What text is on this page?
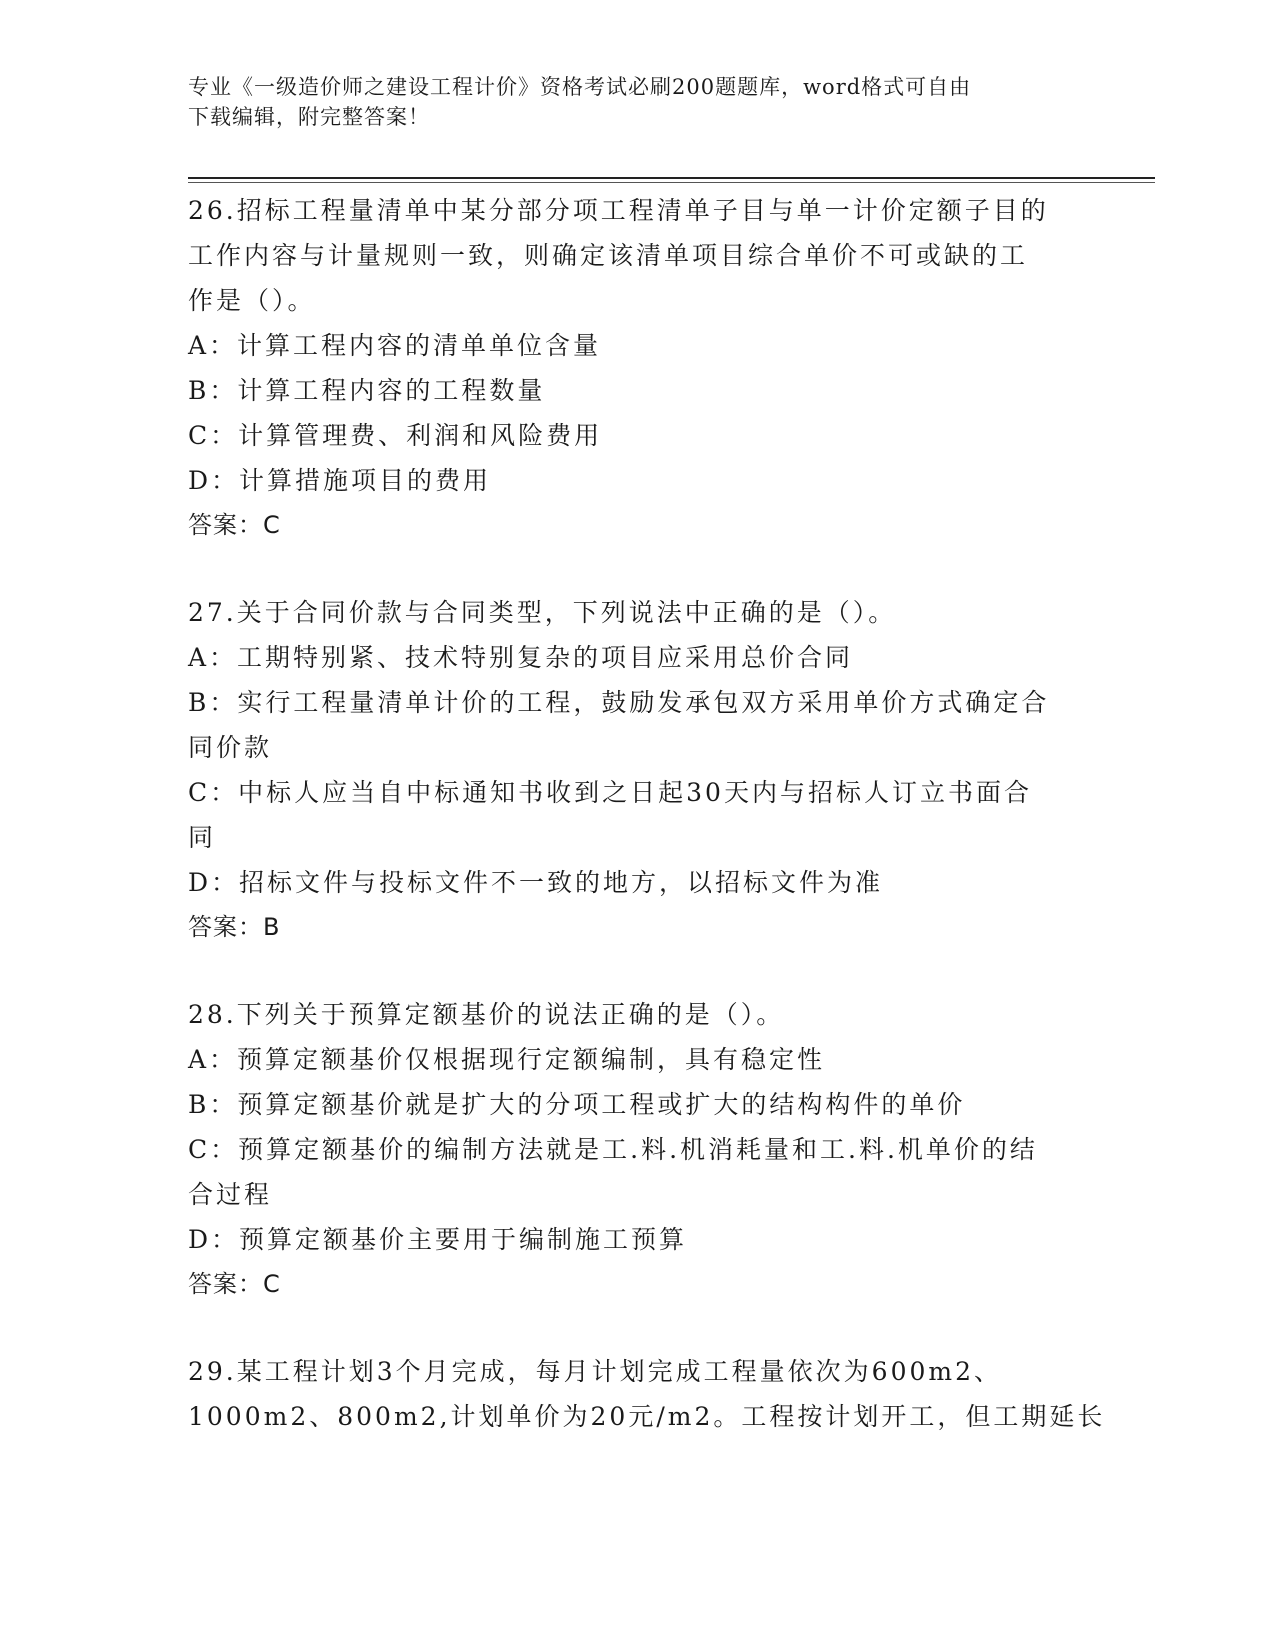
专业《一级造价师之建设工程计价》资格考试必刷200题题库，word格式可自由
下载编辑，附完整答案！
26.招标工程量清单中某分部分项工程清单子目与单一计价定额子目的
工作内容与计量规则一致，则确定该清单项目综合单价不可或缺的工
作是（）。
A：计算工程内容的清单单位含量
B：计算工程内容的工程数量
C：计算管理费、利润和风险费用
D：计算措施项目的费用
答案：C
27.关于合同价款与合同类型，下列说法中正确的是（）。
A：工期特别紧、技术特别复杂的项目应采用总价合同
B：实行工程量清单计价的工程，鼓励发承包双方采用单价方式确定合
同价款
C：中标人应当自中标通知书收到之日起30天内与招标人订立书面合
同
D：招标文件与投标文件不一致的地方，以招标文件为准
答案：B
28.下列关于预算定额基价的说法正确的是（）。
A：预算定额基价仅根据现行定额编制，具有稳定性
B：预算定额基价就是扩大的分项工程或扩大的结构构件的单价
C：预算定额基价的编制方法就是工.料.机消耗量和工.料.机单价的结
合过程
D：预算定额基价主要用于编制施工预算
答案：C
29.某工程计划3个月完成，每月计划完成工程量依次为600m2、
1000m2、800m2,计划单价为20元/m2。工程按计划开工，但工期延长
